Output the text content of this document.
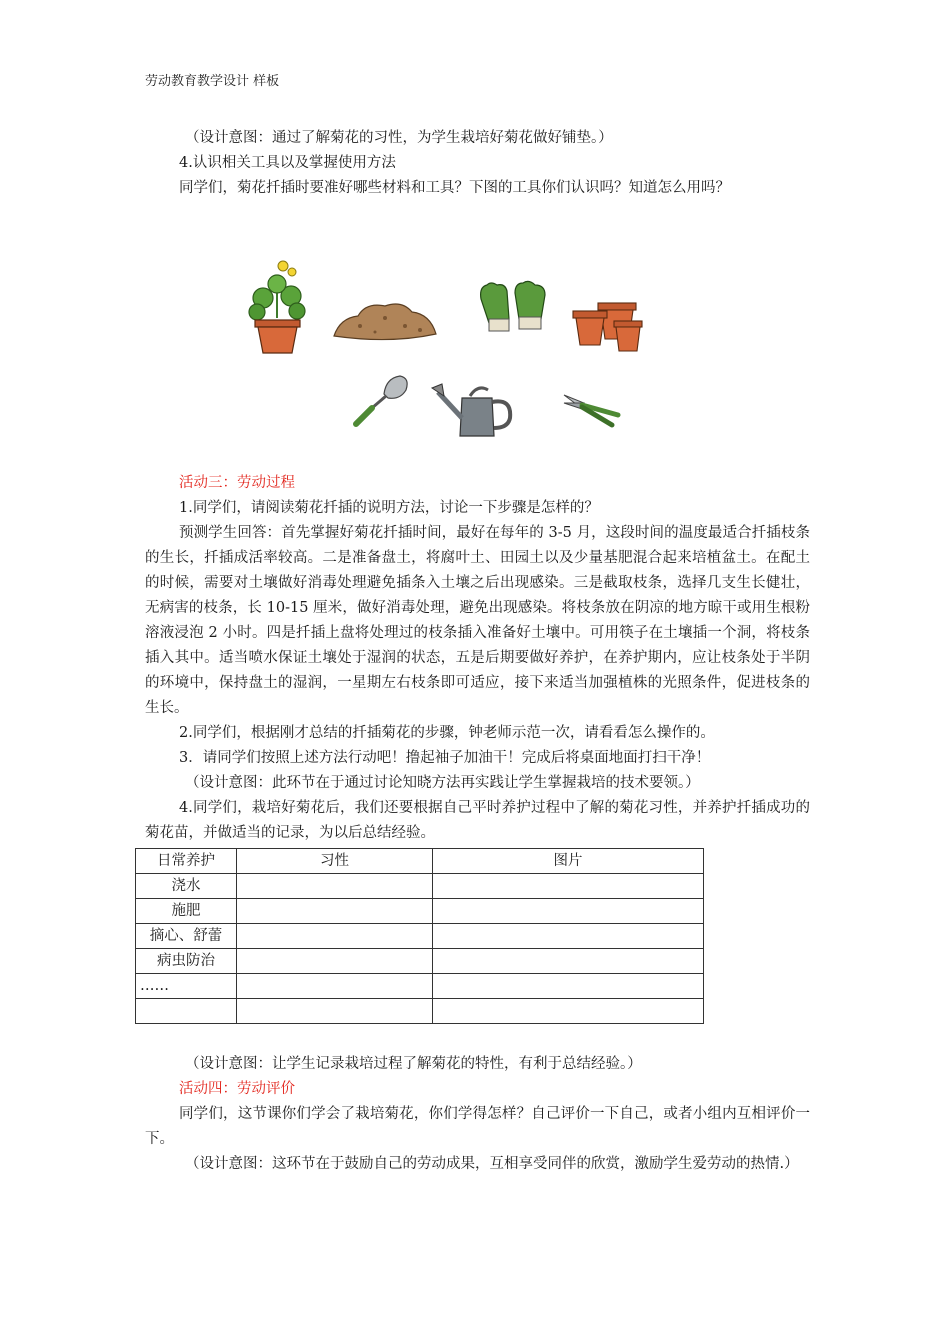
劳动教育教学设计 样板

（设计意图：通过了解菊花的习性，为学生栽培好菊花做好铺垫。）

4.认识相关工具以及掌握使用方法

同学们，菊花扦插时要准好哪些材料和工具？下图的工具你们认识吗？知道怎么用吗？

活动三：劳动过程

1.同学们，请阅读菊花扦插的说明方法，讨论一下步骤是怎样的？

预测学生回答：首先掌握好菊花扦插时间，最好在每年的 3-5 月，这段时间的温度最适合扦插枝条的生长，扦插成活率较高。二是准备盘土，将腐叶土、田园土以及少量基肥混合起来培植盆土。在配土的时候，需要对土壤做好消毒处理避免插条入土壤之后出现感染。三是截取枝条，选择几支生长健壮，无病害的枝条，长 10-15 厘米，做好消毒处理，避免出现感染。将枝条放在阴凉的地方晾干或用生根粉溶液浸泡 2 小时。四是扦插上盘将处理过的枝条插入准备好土壤中。可用筷子在土壤插一个洞，将枝条插入其中。适当喷水保证土壤处于湿润的状态，五是后期要做好养护，在养护期内，应让枝条处于半阴的环境中，保持盘土的湿润，一星期左右枝条即可适应，接下来适当加强植株的光照条件，促进枝条的生长。

2.同学们，根据刚才总结的扦插菊花的步骤，钟老师示范一次，请看看怎么操作的。

3．请同学们按照上述方法行动吧！撸起袖子加油干！完成后将桌面地面打扫干净！

（设计意图：此环节在于通过讨论知晓方法再实践让学生掌握栽培的技术要领。）

4.同学们，栽培好菊花后，我们还要根据自己平时养护过程中了解的菊花习性，并养护扦插成功的菊花苗，并做适当的记录，为以后总结经验。

日常养护	习性	图片
浇水		
施肥		
摘心、舒蕾		
病虫防治		
……		

（设计意图：让学生记录栽培过程了解菊花的特性，有利于总结经验。）

活动四：劳动评价

同学们，这节课你们学会了栽培菊花，你们学得怎样？自己评价一下自己，或者小组内互相评价一下。

（设计意图：这环节在于鼓励自己的劳动成果，互相享受同伴的欣赏，激励学生爱劳动的热情.）
